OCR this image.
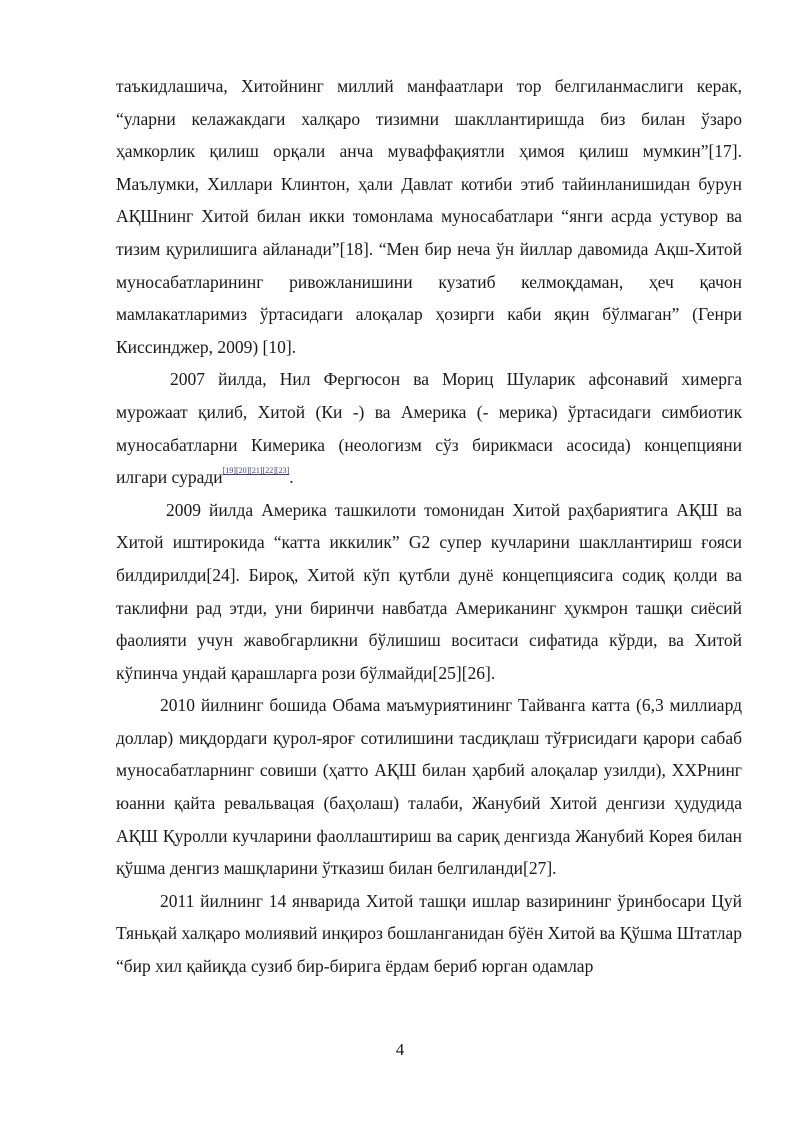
таъкидлашича, Хитойнинг миллий манфаатлари тор белгиланмаслиги керак, “уларни келажакдаги халқаро тизимни шакллантиришда биз билан ўзаро ҳамкорлик қилиш орқали анча муваффақиятли ҳимоя қилиш мумкин”[17]. Маълумки, Хиллари Клинтон, ҳали Давлат котиби этиб тайинланишидан бурун АҚШнинг Хитой билан икки томонлама муносабатлари “янги асрда устувор ва тизим қурилишига айланади”[18]. “Мен бир неча ўн йиллар давомида Ақш-Хитой муносабатларининг ривожланишини кузатиб келмоқдаман, ҳеч қачон мамлакатларимиз ўртасидаги алоқалар ҳозирги каби яқин бўлмаган” (Генри Киссинджер, 2009) [10].

2007 йилда, Нил Фергюсон ва Мориц Шуларик афсонавий химерга мурожаат қилиб, Хитой (Ки -) ва Америка (- мерика) ўртасидаги симбиотик муносабатларни Кимерика (неологизм сўз бирикмаси асосида) концепцияни илгари суради[19][20][21][22][23].

2009 йилда Америка ташкилоти томонидан Хитой раҳбариятига АҚШ ва Хитой иштирокида “катта иккилик” G2 супер кучларини шакллантириш ғояси билдирилди[24]. Бироқ, Хитой кўп қутбли дунё концепциясига содиқ қолди ва таклифни рад этди, уни биринчи навбатда Американинг ҳукмрон ташқи сиёсий фаолияти учун жавобгарликни бўлишиш воситаси сифатида кўрди, ва Хитой кўпинча ундай қарашларга рози бўлмайди[25][26].

2010 йилнинг бошида Обама маъмуриятининг Тайванга катта (6,3 миллиард доллар) миқдордаги қурол-яроғ сотилишини тасдиқлаш тўғрисидаги қарори сабаб муносабатларнинг совиши (ҳатто АҚШ билан ҳарбий алоқалар узилди), ХХРнинг юанни қайта ревальвацая (баҳолаш) талаби, Жанубий Хитой денгизи ҳудудида АҚШ Қуролли кучларини фаоллаштириш ва сариқ денгизда Жанубий Корея билан қўшма денгиз машқларини ўтказиш билан белгиланди[27].

2011 йилнинг 14 январида Хитой ташқи ишлар вазирининг ўринбосари Цуй Тяньқай халқаро молиявий инқироз бошланганидан бўён Хитой ва Қўшма Штатлар “бир хил қайиқда сузиб бир-бирига ёрдам бериб юрган одамлар

4
